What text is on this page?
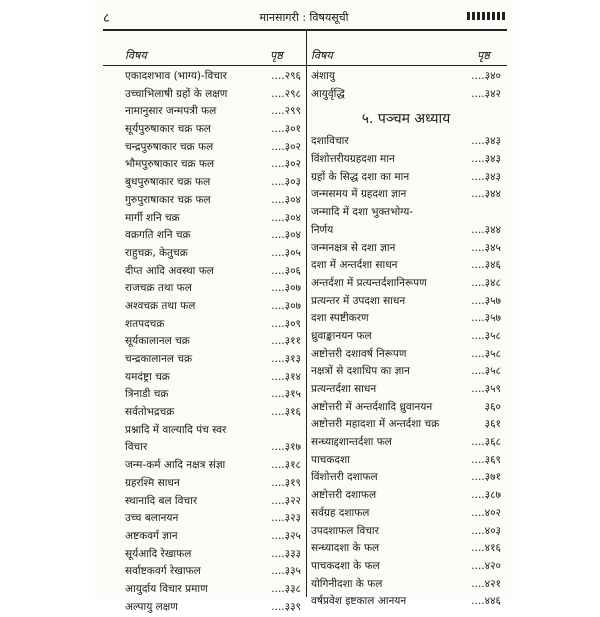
८	मानसागरी : विषयसूची
विषय	पृष्ठ	विषय	पृष्ठ
एकादशभाव (भाग्य)-विचार	....२९६
उच्चाभिलाषी ग्रहों के लक्षण	....२९८
नामानुसार जन्मपत्री फल	....२९९
सूर्यपुरुषाकार चक्र फल	....३०१
चन्द्रपुरुषाकार चक्र फल	....३०२
भौमपुरुषाकार चक्र फल	....३०२
बुधपुरुषाकार चक्र फल	....३०३
गुरुपुराषाकार चक्र फल	....३०४
मार्गी शनि चक्र	....३०४
वक्रगति शनि चक्र	....३०४
राहुचक्र, केतुचक्र	....३०५
दीप्त आदि अवस्था फल	....३०६
राजचक्र तथा फल	....३०७
अश्वचक्र तथा फल	....३०७
शतपदचक्र	....३०९
सूर्यकालानल चक्र	....३११
चन्द्रकालानल चक्र	....३१३
यमदंष्ट्रा चक्र	....३१४
त्रिनाडी चक्र	....३१५
सर्वतोभद्रचक्र	....३१६
प्रश्नादि में वाल्यादि पंच स्वर
विचार	....३१७
जन्म-कर्म आदि नक्षत्र संज्ञा	....३१८
ग्रहरश्मि साधन	....३१९
स्थानादि बल विचार	....३२२
उच्च बलानयन	....३२३
अष्टकवर्ग ज्ञान	....३२५
सूर्यआदि रेखाफल	....३३३
सर्वाष्टकवर्ग रेखाफल	....३३५
आयुर्दाय विचार प्रमाण	....३३८
अल्पायु लक्षण	....३३९
अंशायु	....३४०
आयुर्वृद्धि	....३४२
५. पञ्चम अध्याय
दशाविचार	....३४३
विंशोत्तरीयग्रहदशा मान	....३४३
ग्रहों के सिद्ध दशा का मान	....३४३
जन्मसमय में ग्रहदशा ज्ञान	....३४४
जन्मादि में दशा भुक्तभोग्य-
निर्णय	....३४४
जन्मनक्षत्र से दशा ज्ञान	....३४५
दशा में अन्तर्दशा साधन	....३४६
अन्तर्दशा में प्रत्यन्तर्दशानिरूपण	....३४८
प्रत्यन्तर में उपदशा साधन	....३५७
दशा स्पष्टीकरण	....३५७
ध्रुवाङ्कानयन फल	....३५८
अष्टोत्तरी दशावर्ष निरूपण	....३५८
नक्षत्रों से दशाधिप का ज्ञान	....३५८
प्रत्यन्तर्दशा साधन	....३५९
अष्टोत्तरी में अन्तर्दशादि ध्रुवानयन	३६०
अष्टोत्तरी महादशा में अन्तर्दशा चक्र	३६१
सन्ध्याद्दशान्तर्दशा फल	....३६८
पाचकदशा	....३६९
विंशोत्तरी दशाफल	....३७१
अष्टोत्तरी दशाफल	....३८७
सर्वग्रह दशाफल	....४०२
उपदशाफल विचार	....४०३
सन्ध्यादशा के फल	....४१६
पाचकदशा के फल	....४२०
योगिनीदशा के फल	....४२१
वर्षप्रवेश इष्टकाल आनयन	....४४६
